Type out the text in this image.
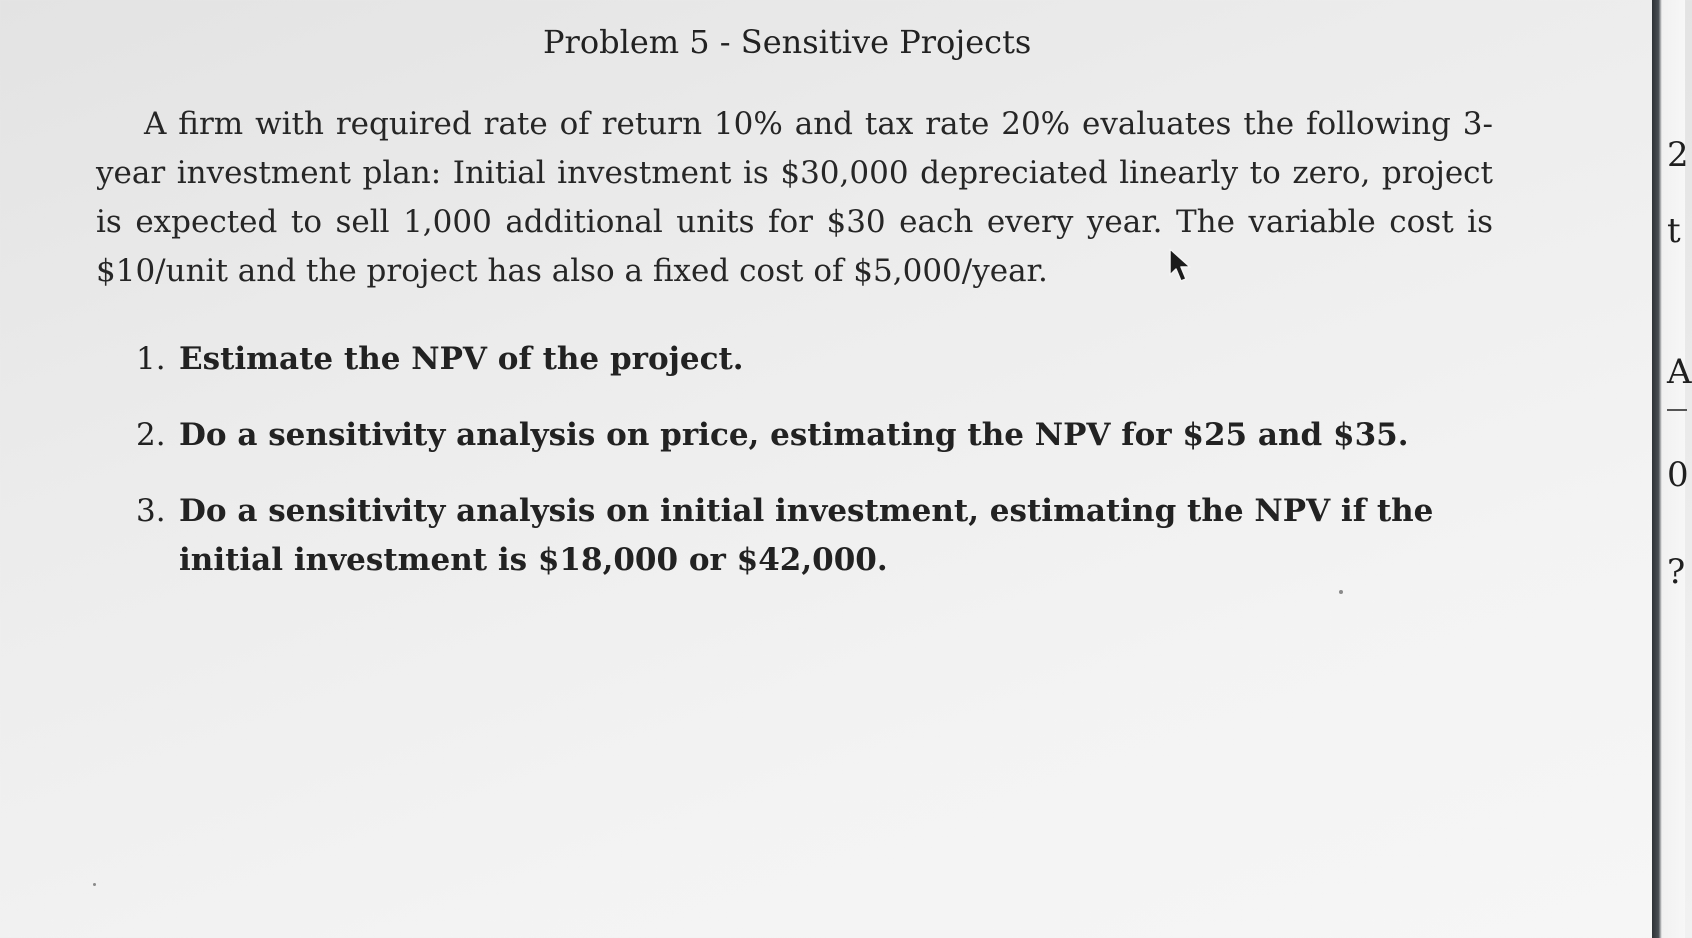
Problem 5 - Sensitive Projects
A firm with required rate of return 10% and tax rate 20% evaluates the following 3-year investment plan: Initial investment is $30,000 depreciated linearly to zero, project is expected to sell 1,000 additional units for $30 each every year. The variable cost is $10/unit and the project has also a fixed cost of $5,000/year.
1. Estimate the NPV of the project.
2. Do a sensitivity analysis on price, estimating the NPV for $25 and $35.
3. Do a sensitivity analysis on initial investment, estimating the NPV if the initial investment is $18,000 or $42,000.
2
t
A
0
?
